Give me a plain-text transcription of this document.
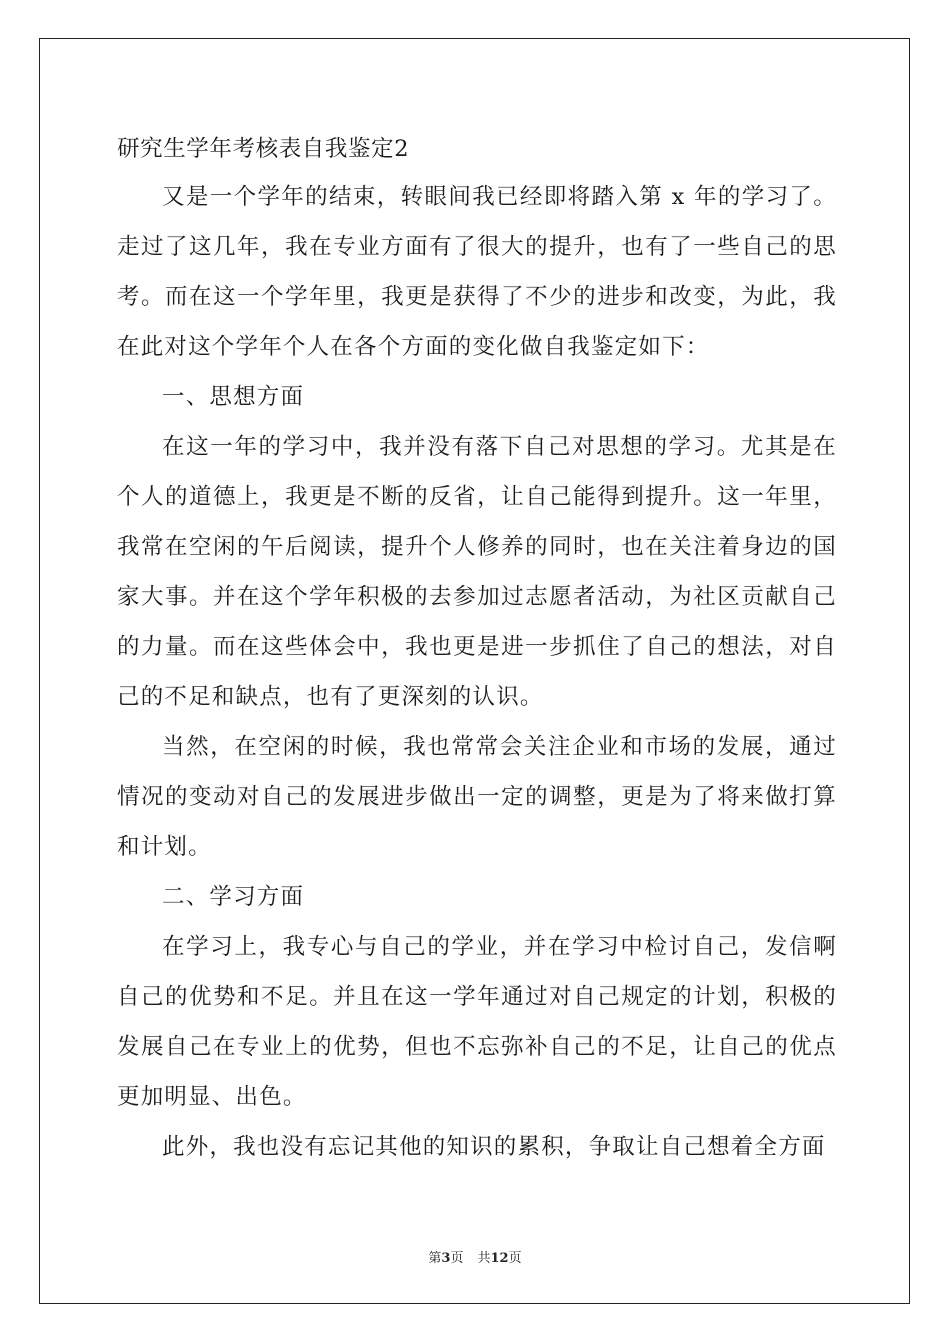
研究生学年考核表自我鉴定2

又是一个学年的结束，转眼间我已经即将踏入第 x 年的学习了。走过了这几年，我在专业方面有了很大的提升，也有了一些自己的思考。而在这一个学年里，我更是获得了不少的进步和改变，为此，我在此对这个学年个人在各个方面的变化做自我鉴定如下：

一、思想方面

在这一年的学习中，我并没有落下自己对思想的学习。尤其是在个人的道德上，我更是不断的反省，让自己能得到提升。这一年里，我常在空闲的午后阅读，提升个人修养的同时，也在关注着身边的国家大事。并在这个学年积极的去参加过志愿者活动，为社区贡献自己的力量。而在这些体会中，我也更是进一步抓住了自己的想法，对自己的不足和缺点，也有了更深刻的认识。

当然，在空闲的时候，我也常常会关注企业和市场的发展，通过情况的变动对自己的发展进步做出一定的调整，更是为了将来做打算和计划。

二、学习方面

在学习上，我专心与自己的学业，并在学习中检讨自己，发信啊自己的优势和不足。并且在这一学年通过对自己规定的计划，积极的发展自己在专业上的优势，但也不忘弥补自己的不足，让自己的优点更加明显、出色。

此外，我也没有忘记其他的知识的累积，争取让自己想着全方面

第3页 共12页
